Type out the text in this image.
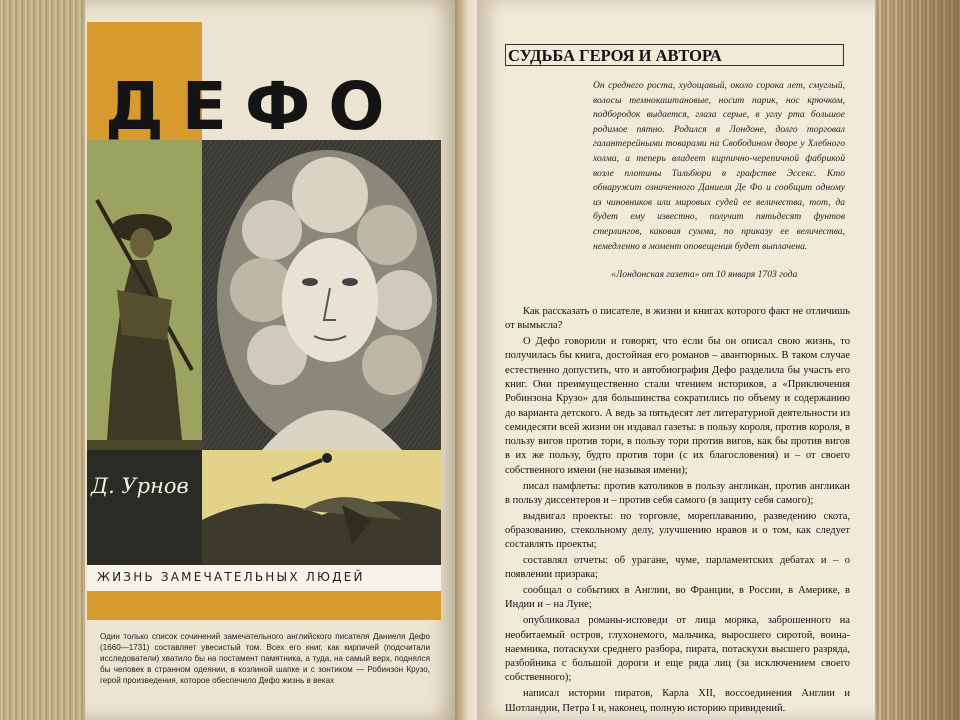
Д. Урнов
ЖИЗНЬ ЗАМЕЧАТЕЛЬНЫХ ЛЮДЕЙ
ДЕФО
Один только список сочинений замечательного английского писателя Даниеля Дефо (1660—1731) составляет увесистый том. Всех его книг, как кирпичей (подсчитали исследователи) хватило бы на постамент памятника, а туда, на самый верх, поднялся бы человек в странном одеянии, в козлиной шапке и с зонтиком — Робинзон Крузо, герой произведения, которое обеспечило Дефо жизнь в веках
СУДЬБА ГЕРОЯ И АВТОРА
Он среднего роста, худощавый, около сорока лет, смуглый, волосы темнокаштановые, носит парик, нос крючком, подбородок выдается, глаза серые, в углу рта большое родимое пятно. Родился в Лондоне, долго торговал галантерейными товарами на Свободином дворе у Хлебного холма, а теперь владеет кирпично-черепичной фабрикой возле плотины Тильбюри в графстве Эссекс. Кто обнаружит означенного Даниеля Де Фо и сообщит одному из чиновников или мировых судей ее величества, тот, да будет ему известно, получит пятьдесят фунтов стерлингов, каковая сумма, по приказу ее величества, немедленно в момент оповещения будет выплачена.
«Лондонская газета» от 10 января 1703 года

Как рассказать о писателе, в жизни и книгах которого факт не отличишь от вымысла?

О Дефо говорили и говорят, что если бы он описал свою жизнь, то получилась бы книга, достойная его романов – авантюрных. В таком случае естественно допустить, что и автобиография Дефо разделила бы участь его книг. Они преимущественно стали чтением историков, а «Приключения Робинзона Крузо» для большинства сократились по объему и содержанию до варианта детского. А ведь за пятьдесят лет литературной деятельности из семидесяти всей жизни он издавал газеты: в пользу короля, против короля, в пользу вигов против тори, в пользу тори против вигов, как бы против вигов в их же пользу, будто против тори (с их благословения) и – от своего собственного имени (не называя имени);

писал памфлеты: против католиков в пользу англикан, против англикан в пользу диссентеров и – против себя самого (в защиту себя самого);

выдвигал проекты: по торговле, мореплаванию, разведению скота, образованию, стекольному делу, улучшению нравов и о том, как следует составлять проекты;

составлял отчеты: об урагане, чуме, парламентских дебатах и – о появлении призрака;

сообщал о событиях в Англии, во Франции, в России, в Америке, в Индии и – на Луне;

опубликовал романы-исповеди от лица моряка, заброшенного на необитаемый остров, глухонемого, мальчика, выросшего сиротой, воина-наемника, потаскухи среднего разбора, пирата, потаскухи высшего разряда, разбойника с большой дороги и еще ряда лиц (за исключением своего собственного);

написал истории пиратов, Карла XII, воссоединения Англии и Шотландии, Петра I и, наконец, полную историю привидений.
